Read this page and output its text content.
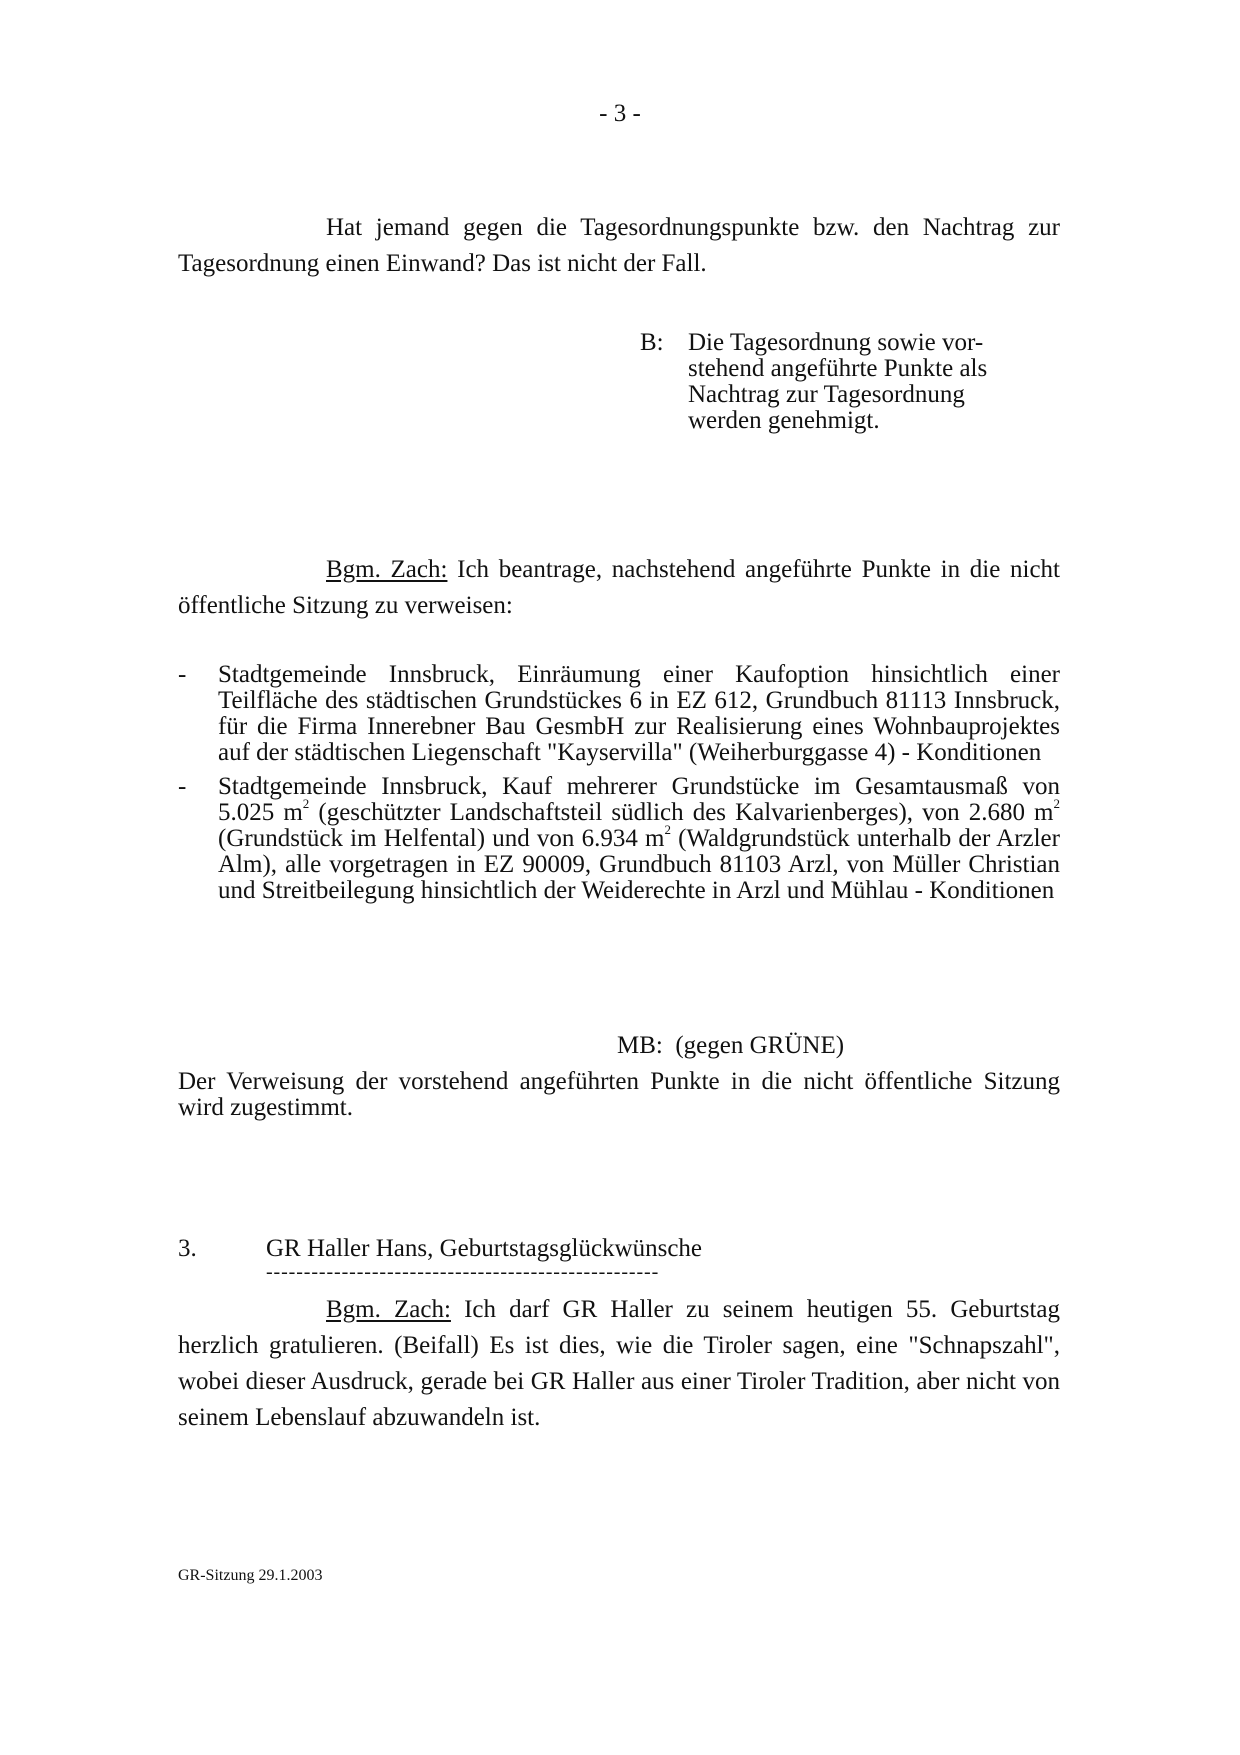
- 3 -
Hat jemand gegen die Tagesordnungspunkte bzw. den Nachtrag zur Tagesordnung einen Einwand? Das ist nicht der Fall.
B: Die Tagesordnung sowie vor-
stehend angeführte Punkte als
Nachtrag zur Tagesordnung
werden genehmigt.
Bgm. Zach: Ich beantrage, nachstehend angeführte Punkte in die nicht öffentliche Sitzung zu verweisen:
- Stadtgemeinde Innsbruck, Einräumung einer Kaufoption hinsichtlich einer Teilfläche des städtischen Grundstückes 6 in EZ 612, Grundbuch 81113 Innsbruck, für die Firma Innerebner Bau GesmbH zur Realisierung eines Wohnbauprojektes auf der städtischen Liegenschaft "Kayservilla" (Weiherburggasse 4) - Konditionen
- Stadtgemeinde Innsbruck, Kauf mehrerer Grundstücke im Gesamtausmaß von 5.025 $m^2$ (geschützter Landschaftsteil südlich des Kalvarienberges), von 2.680 $m^2$ (Grundstück im Helfental) und von 6.934 $m^2$ (Waldgrundstück unterhalb der Arzler Alm), alle vorgetragen in EZ 90009, Grundbuch 81103 Arzl, von Müller Christian und Streitbeilegung hinsichtlich der Weiderechte in Arzl und Mühlau - Konditionen
MB: (gegen GRÜNE)
Der Verweisung der vorstehend angeführten Punkte in die nicht öffentliche Sitzung wird zugestimmt.
3.	GR Haller Hans, Geburtstagsglückwünsche
----------------------------------------------------
Bgm. Zach: Ich darf GR Haller zu seinem heutigen 55. Geburtstag herzlich gratulieren. (Beifall) Es ist dies, wie die Tiroler sagen, eine "Schnapszahl", wobei dieser Ausdruck, gerade bei GR Haller aus einer Tiroler Tradition, aber nicht von seinem Lebenslauf abzuwandeln ist.
GR-Sitzung 29.1.2003
